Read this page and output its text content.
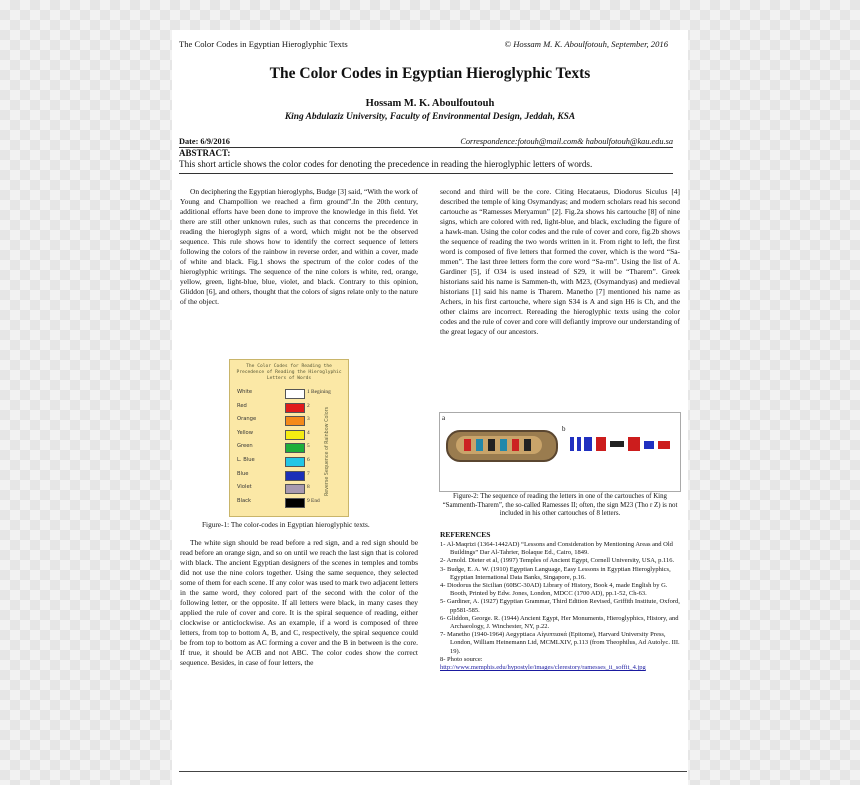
The Color Codes in Egyptian Hieroglyphic Texts	© Hossam M. K. Aboulfotouh, September, 2016
The Color Codes in Egyptian Hieroglyphic Texts
Hossam M. K. Aboulfoutouh
King Abdulaziz University, Faculty of Environmental Design, Jeddah, KSA
Date: 6/9/2016	Correspondence:fotouh@mail.com& haboulfotouh@kau.edu.sa
ABSTRACT:
This short article shows the color codes for denoting the precedence in reading the hieroglyphic letters of words.

On deciphering the Egyptian hieroglyphs, Budge [3] said, “With the work of Young and Champollion we reached a firm ground”.In the 20th century, additional efforts have been done to improve the knowledge in this field. Yet there are still other unknown rules, such as that concerns the precedence in reading the hieroglyph signs of a word, which might not be the observed sequence. This rule shows how to identify the correct sequence of letters following the colors of the rainbow in reverse order, and within a cover, made of white and black. Fig.1 shows the spectrum of the color codes of the hieroglyphic writings. The sequence of the nine colors is white, red, orange, yellow, green, light-blue, blue, violet, and black. Contrary to this opinion, Gliddon [6], and others, thought that the colors of signs relate only to the nature of the object.

The Color Codes for Reading the Precedence of Reading the Hieroglyphic Letters of Words
Reverse Sequence of Rainbow Colors
White	1 Begining
Red	2
Orange	3
Yellow	4
Green	5
L. Blue	6
Blue	7
Violet	8
Black	9 End
Figure-1: The color-codes in Egyptian hieroglyphic texts.

The white sign should be read before a red sign, and a red sign should be read before an orange sign, and so on until we reach the last sign that is colored with black. The ancient Egyptian designers of the scenes in temples and tombs did not use the nine colors together. Using the same sequence, they selected some of them for each scene. If any color was used to mark two adjacent letters in the same word, they colored part of the second with the color of the following letter, or the opposite. If all letters were black, in many cases they applied the rule of cover and core. It is the spiral sequence of reading, either clockwise or anticlockwise. As an example, if a word is composed of three letters, from top to bottom A, B, and C, respectively, the spiral sequence could be from top to bottom as AC forming a cover and the B in between is the core. If true, it should be ACB and not ABC. The color codes show the correct sequence. Besides, in case of four letters, the

second and third will be the core. Citing Hecataeus, Diodorus Siculus [4] described the temple of king Osymandyas; and modern scholars read his second cartouche as “Ramesses Meryamun” [2]. Fig.2a shows his cartouche [8] of nine signs, which are colored with red, light-blue, and black, excluding the figure of a hawk-man. Using the color codes and the rule of cover and core, fig.2b shows the sequence of reading the two words written in it. From right to left, the first word is composed of five letters that formed the cover, which is the word “Sa-mmen”. The last three letters form the core word “Sa-rm”. Using the list of A. Gardiner [5], if O34 is used instead of S29, it will be “Tharem”. Greek historians said his name is Sammen-th, with M23, (Osymandyas) and medieval historians [1] said his name is Tharem. Manetho [7] mentioned his name as Achers, in his first cartouche, where sign S34 is A and sign H6 is Ch, and the other claims are incorrect. Rereading the hieroglyphic texts using the color codes and the rule of cover and core will defiantly improve our understanding of the great legacy of our ancestors.

a
b
Figure-2: The sequence of reading the letters in one of the cartouches of King “Sammenth-Tharem”, the so-called Ramesses II; often, the sign M23 (Tho r Z) is not included in his other cartouches of 8 letters.
REFERENCES

1- Al-Maqrizi (1364-1442AD) “Lessons and Consideration by Mentioning Areas and Old Buildings” Dar Al-Tahrier, Bolaque Ed., Cairo, 1849.

2- Arnold. Dieter et al, (1997) Temples of Ancient Egypt, Cornell University, USA, p.116.

3- Budge, E. A. W. (1910) Egyptian Language, Easy Lessons in Egyptian Hieroglyphics, Egyptian International Data Banks, Singapore, p.16.

4- Diodorus the Sicilian (60BC-30AD) Library of History, Book 4, made English by G. Booth, Printed by Edw. Jones, London, MDCC (1700 AD), pp.1-52, Ch-63.

5- Gardiner, A. (1927) Egyptian Grammar, Third Edition Revised, Griffith Institute, Oxford, pp581-585.

6- Gliddon, George. R. (1944) Ancient Egypt, Her Monuments, Hieroglyphics, History, and Archaeology, J. Winchester, NY, p.22.

7- Manetho (1940-1964) Aegyptiaca Αἰγυπτιακά (Epitome), Harvard University Press, London, William Heinemann Ltd, MCMLXIV, p.113 (from Theophilus, Ad Autolyc. III. 19).

8- Photo source:

http://www.memphis.edu/hypostyle/images/clerestory/ramesses_ii_soffit_4.jpg
